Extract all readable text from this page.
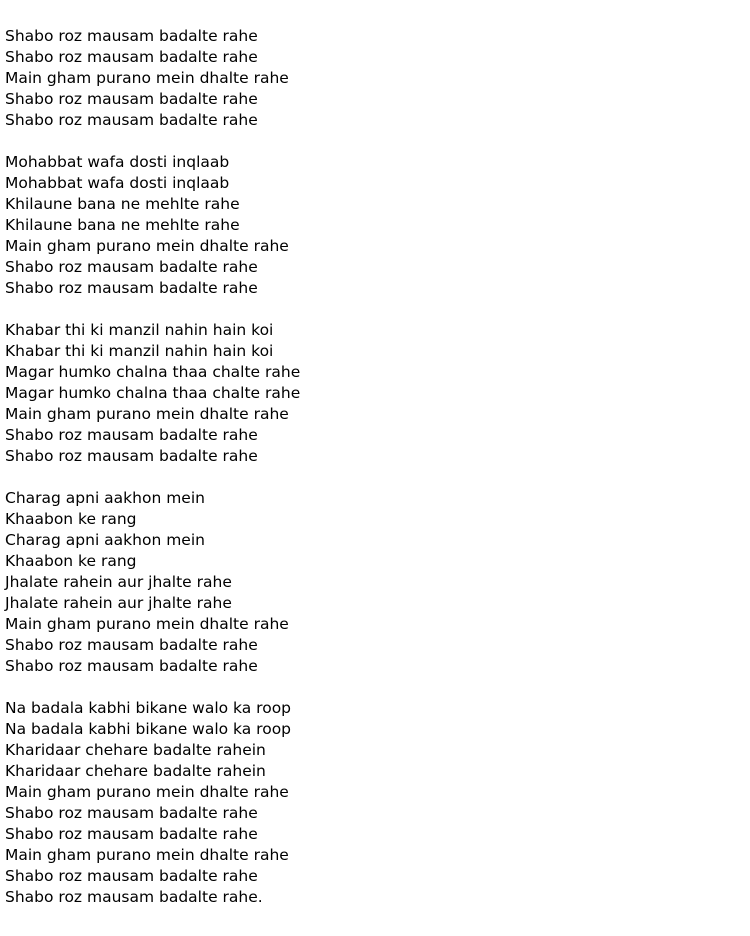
Shabo roz mausam badalte rahe
Shabo roz mausam badalte rahe
Main gham purano mein dhalte rahe
Shabo roz mausam badalte rahe
Shabo roz mausam badalte rahe
Mohabbat wafa dosti inqlaab
Mohabbat wafa dosti inqlaab
Khilaune bana ne mehlte rahe
Khilaune bana ne mehlte rahe
Main gham purano mein dhalte rahe
Shabo roz mausam badalte rahe
Shabo roz mausam badalte rahe
Khabar thi ki manzil nahin hain koi
Khabar thi ki manzil nahin hain koi
Magar humko chalna thaa chalte rahe
Magar humko chalna thaa chalte rahe
Main gham purano mein dhalte rahe
Shabo roz mausam badalte rahe
Shabo roz mausam badalte rahe
Charag apni aakhon mein
Khaabon ke rang
Charag apni aakhon mein
Khaabon ke rang
Jhalate rahein aur jhalte rahe
Jhalate rahein aur jhalte rahe
Main gham purano mein dhalte rahe
Shabo roz mausam badalte rahe
Shabo roz mausam badalte rahe
Na badala kabhi bikane walo ka roop
Na badala kabhi bikane walo ka roop
Kharidaar chehare badalte rahein
Kharidaar chehare badalte rahein
Main gham purano mein dhalte rahe
Shabo roz mausam badalte rahe
Shabo roz mausam badalte rahe
Main gham purano mein dhalte rahe
Shabo roz mausam badalte rahe
Shabo roz mausam badalte rahe.
